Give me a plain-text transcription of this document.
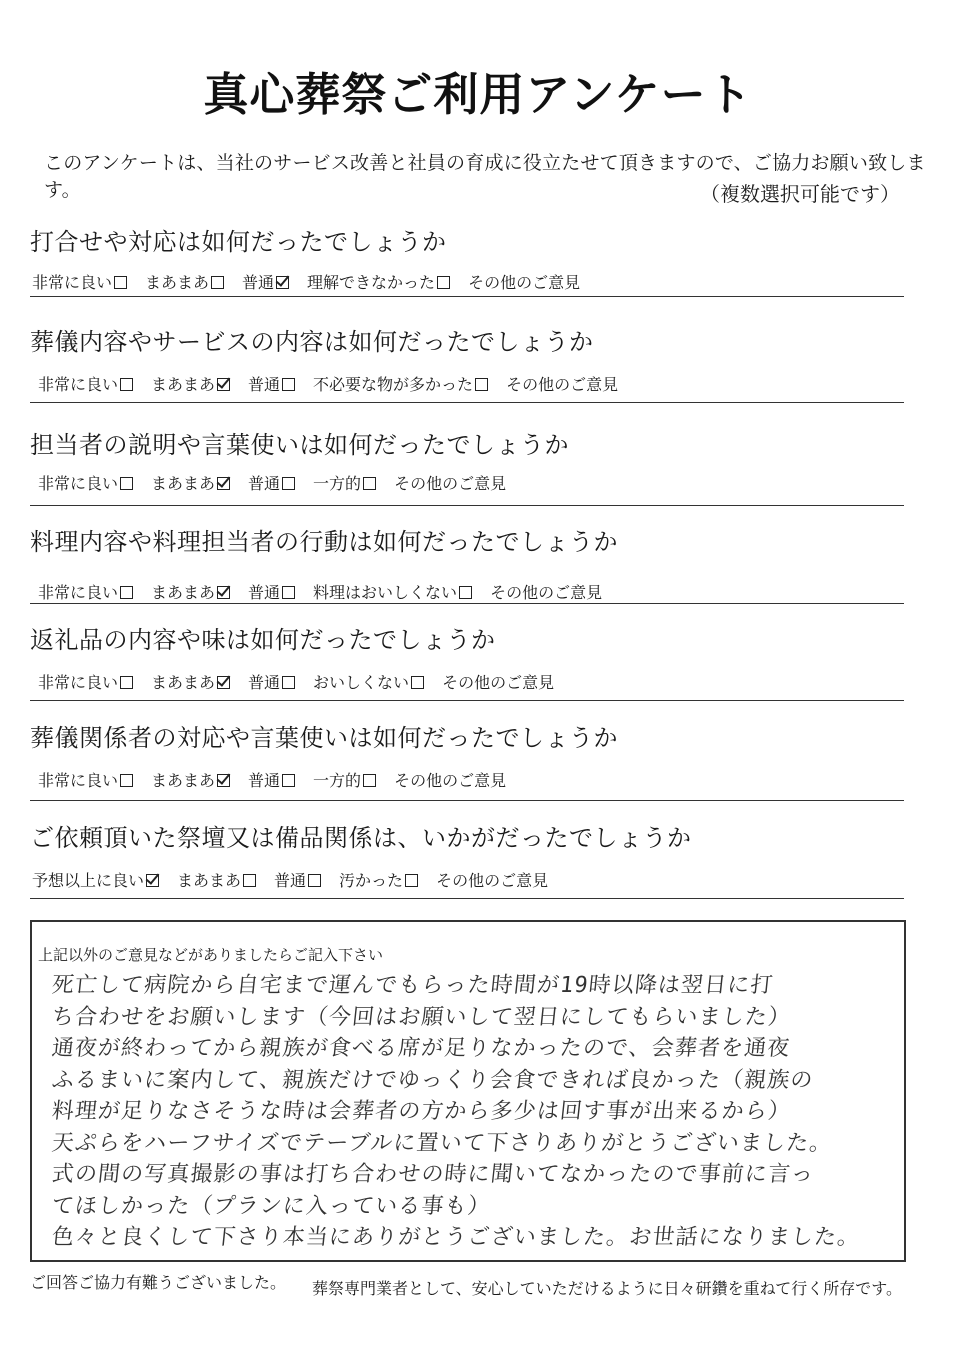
真心葬祭ご利用アンケート
このアンケートは、当社のサービス改善と社員の育成に役立たせて頂きますので、ご協力お願い致します。	（複数選択可能です）
打合せや対応は如何だったでしょうか
非常に良い まあまあ 普通 理解できなかった その他のご意見
葬儀内容やサービスの内容は如何だったでしょうか
非常に良い まあまあ 普通 不必要な物が多かった その他のご意見
担当者の説明や言葉使いは如何だったでしょうか
非常に良い まあまあ 普通 一方的 その他のご意見
料理内容や料理担当者の行動は如何だったでしょうか
非常に良い まあまあ 普通 料理はおいしくない その他のご意見
返礼品の内容や味は如何だったでしょうか
非常に良い まあまあ 普通 おいしくない その他のご意見
葬儀関係者の対応や言葉使いは如何だったでしょうか
非常に良い まあまあ 普通 一方的 その他のご意見
ご依頼頂いた祭壇又は備品関係は、いかがだったでしょうか
予想以上に良い まあまあ 普通 汚かった その他のご意見
上記以外のご意見などがありましたらご記入下さい
死亡して病院から自宅まで運んでもらった時間が19時以降は翌日に打
ち合わせをお願いします（今回はお願いして翌日にしてもらいました）
通夜が終わってから親族が食べる席が足りなかったので、会葬者を通夜
ふるまいに案内して、親族だけでゆっくり会食できれば良かった（親族の
料理が足りなさそうな時は会葬者の方から多少は回す事が出来るから）
天ぷらをハーフサイズでテーブルに置いて下さりありがとうございました。
式の間の写真撮影の事は打ち合わせの時に聞いてなかったので事前に言っ
てほしかった（プランに入っている事も）
色々と良くして下さり本当にありがとうございました。お世話になりました。
ご回答ご協力有難うございました。 葬祭専門業者として、安心していただけるように日々研鑽を重ねて行く所存です。
